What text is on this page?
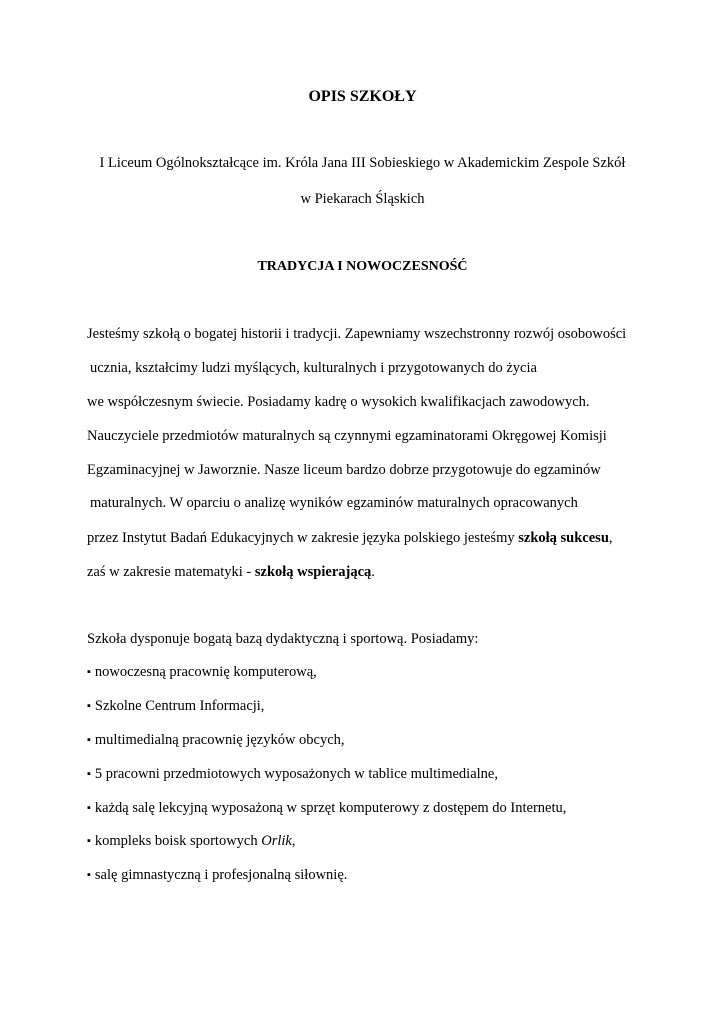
OPIS SZKOŁY
I Liceum Ogólnokształcące im. Króla Jana III Sobieskiego w Akademickim Zespole Szkół
w Piekarach Śląskich
TRADYCJA I NOWOCZESNOŚĆ
Jesteśmy szkołą o bogatej historii i tradycji. Zapewniamy wszechstronny rozwój osobowości
ucznia, kształcimy ludzi myślących, kulturalnych i przygotowanych do życia
we współczesnym świecie. Posiadamy kadrę o wysokich kwalifikacjach zawodowych.
Nauczyciele przedmiotów maturalnych są czynnymi egzaminatorami Okręgowej Komisji
Egzaminacyjnej w Jaworznie. Nasze liceum bardzo dobrze przygotowuje do egzaminów
maturalnych. W oparciu o analizę wyników egzaminów maturalnych opracowanych
przez Instytut Badań Edukacyjnych w zakresie języka polskiego jesteśmy szkołą sukcesu,
zaś w zakresie matematyki - szkołą wspierającą.
Szkoła dysponuje bogatą bazą dydaktyczną i sportową. Posiadamy:
▪ nowoczesną pracownię komputerową,
▪ Szkolne Centrum Informacji,
▪ multimedialną pracownię języków obcych,
▪ 5 pracowni przedmiotowych wyposażonych w tablice multimedialne,
▪ każdą salę lekcyjną wyposażoną w sprzęt komputerowy z dostępem do Internetu,
▪ kompleks boisk sportowych Orlik,
▪ salę gimnastyczną i profesjonalną siłownię.
